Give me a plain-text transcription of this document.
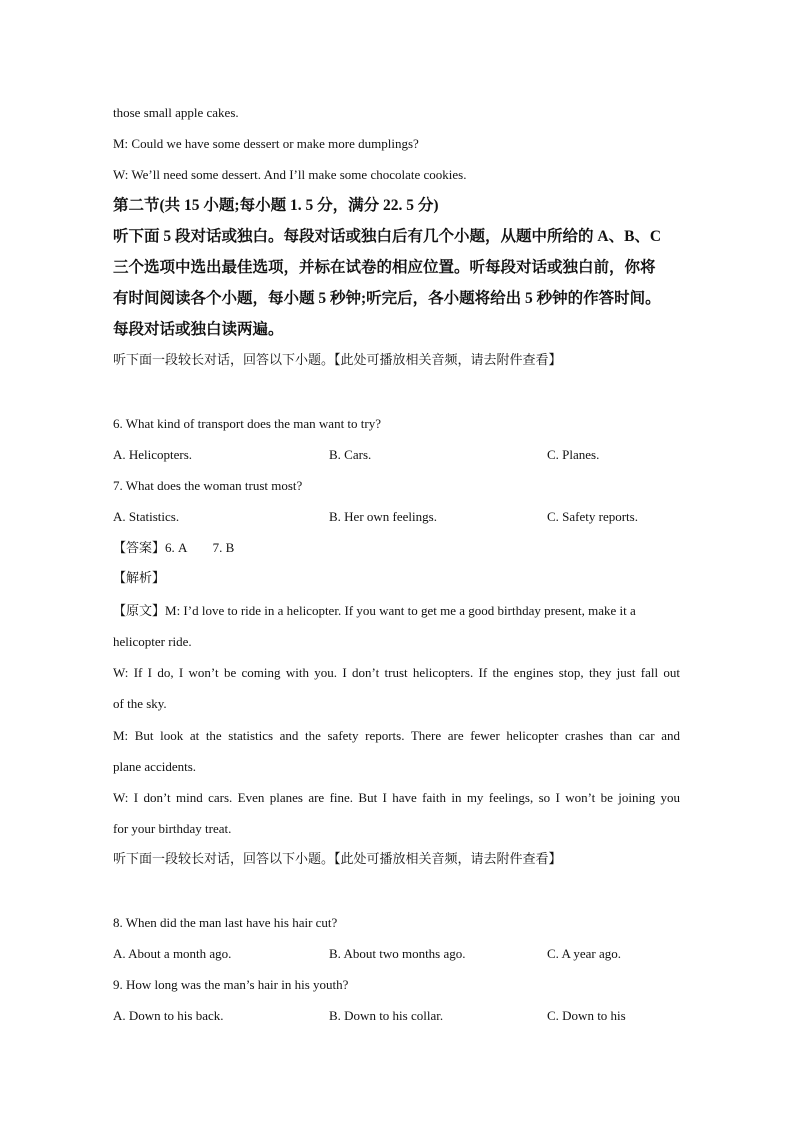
those small apple cakes.
M: Could we have some dessert or make more dumplings?
W: We’ll need some dessert. And I’ll make some chocolate cookies.
第二节(共 15 小题;每小题 1. 5 分，满分 22. 5 分)
听下面 5 段对话或独白。每段对话或独白后有几个小题，从题中所给的 A、B、C
三个选项中选出最佳选项，并标在试卷的相应位置。听每段对话或独白前，你将
有时间阅读各个小题，每小题 5 秒钟;听完后，各小题将给出 5 秒钟的作答时间。
每段对话或独白读两遍。
听下面一段较长对话，回答以下小题。【此处可播放相关音频，请去附件查看】
6. What kind of transport does the man want to try?
A. Helicopters.	B. Cars.	C. Planes.
7. What does the woman trust most?
A. Statistics.	B. Her own feelings.	C. Safety reports.
【答案】6. A        7. B
【解析】
【原文】M: I’d love to ride in a helicopter. If you want to get me a good birthday present, make it a
helicopter ride.
W: If I do, I won’t be coming with you. I don’t trust helicopters. If the engines stop, they just fall out
of the sky.
M: But look at the statistics and the safety reports. There are fewer helicopter crashes than car and
plane accidents.
W: I don’t mind cars. Even planes are fine. But I have faith in my feelings, so I won’t be joining you
for your birthday treat.
听下面一段较长对话，回答以下小题。【此处可播放相关音频，请去附件查看】
8. When did the man last have his hair cut?
A. About a month ago.	B. About two months ago.	C. A year ago.
9. How long was the man’s hair in his youth?
A. Down to his back.	B. Down to his collar.	C. Down to his
